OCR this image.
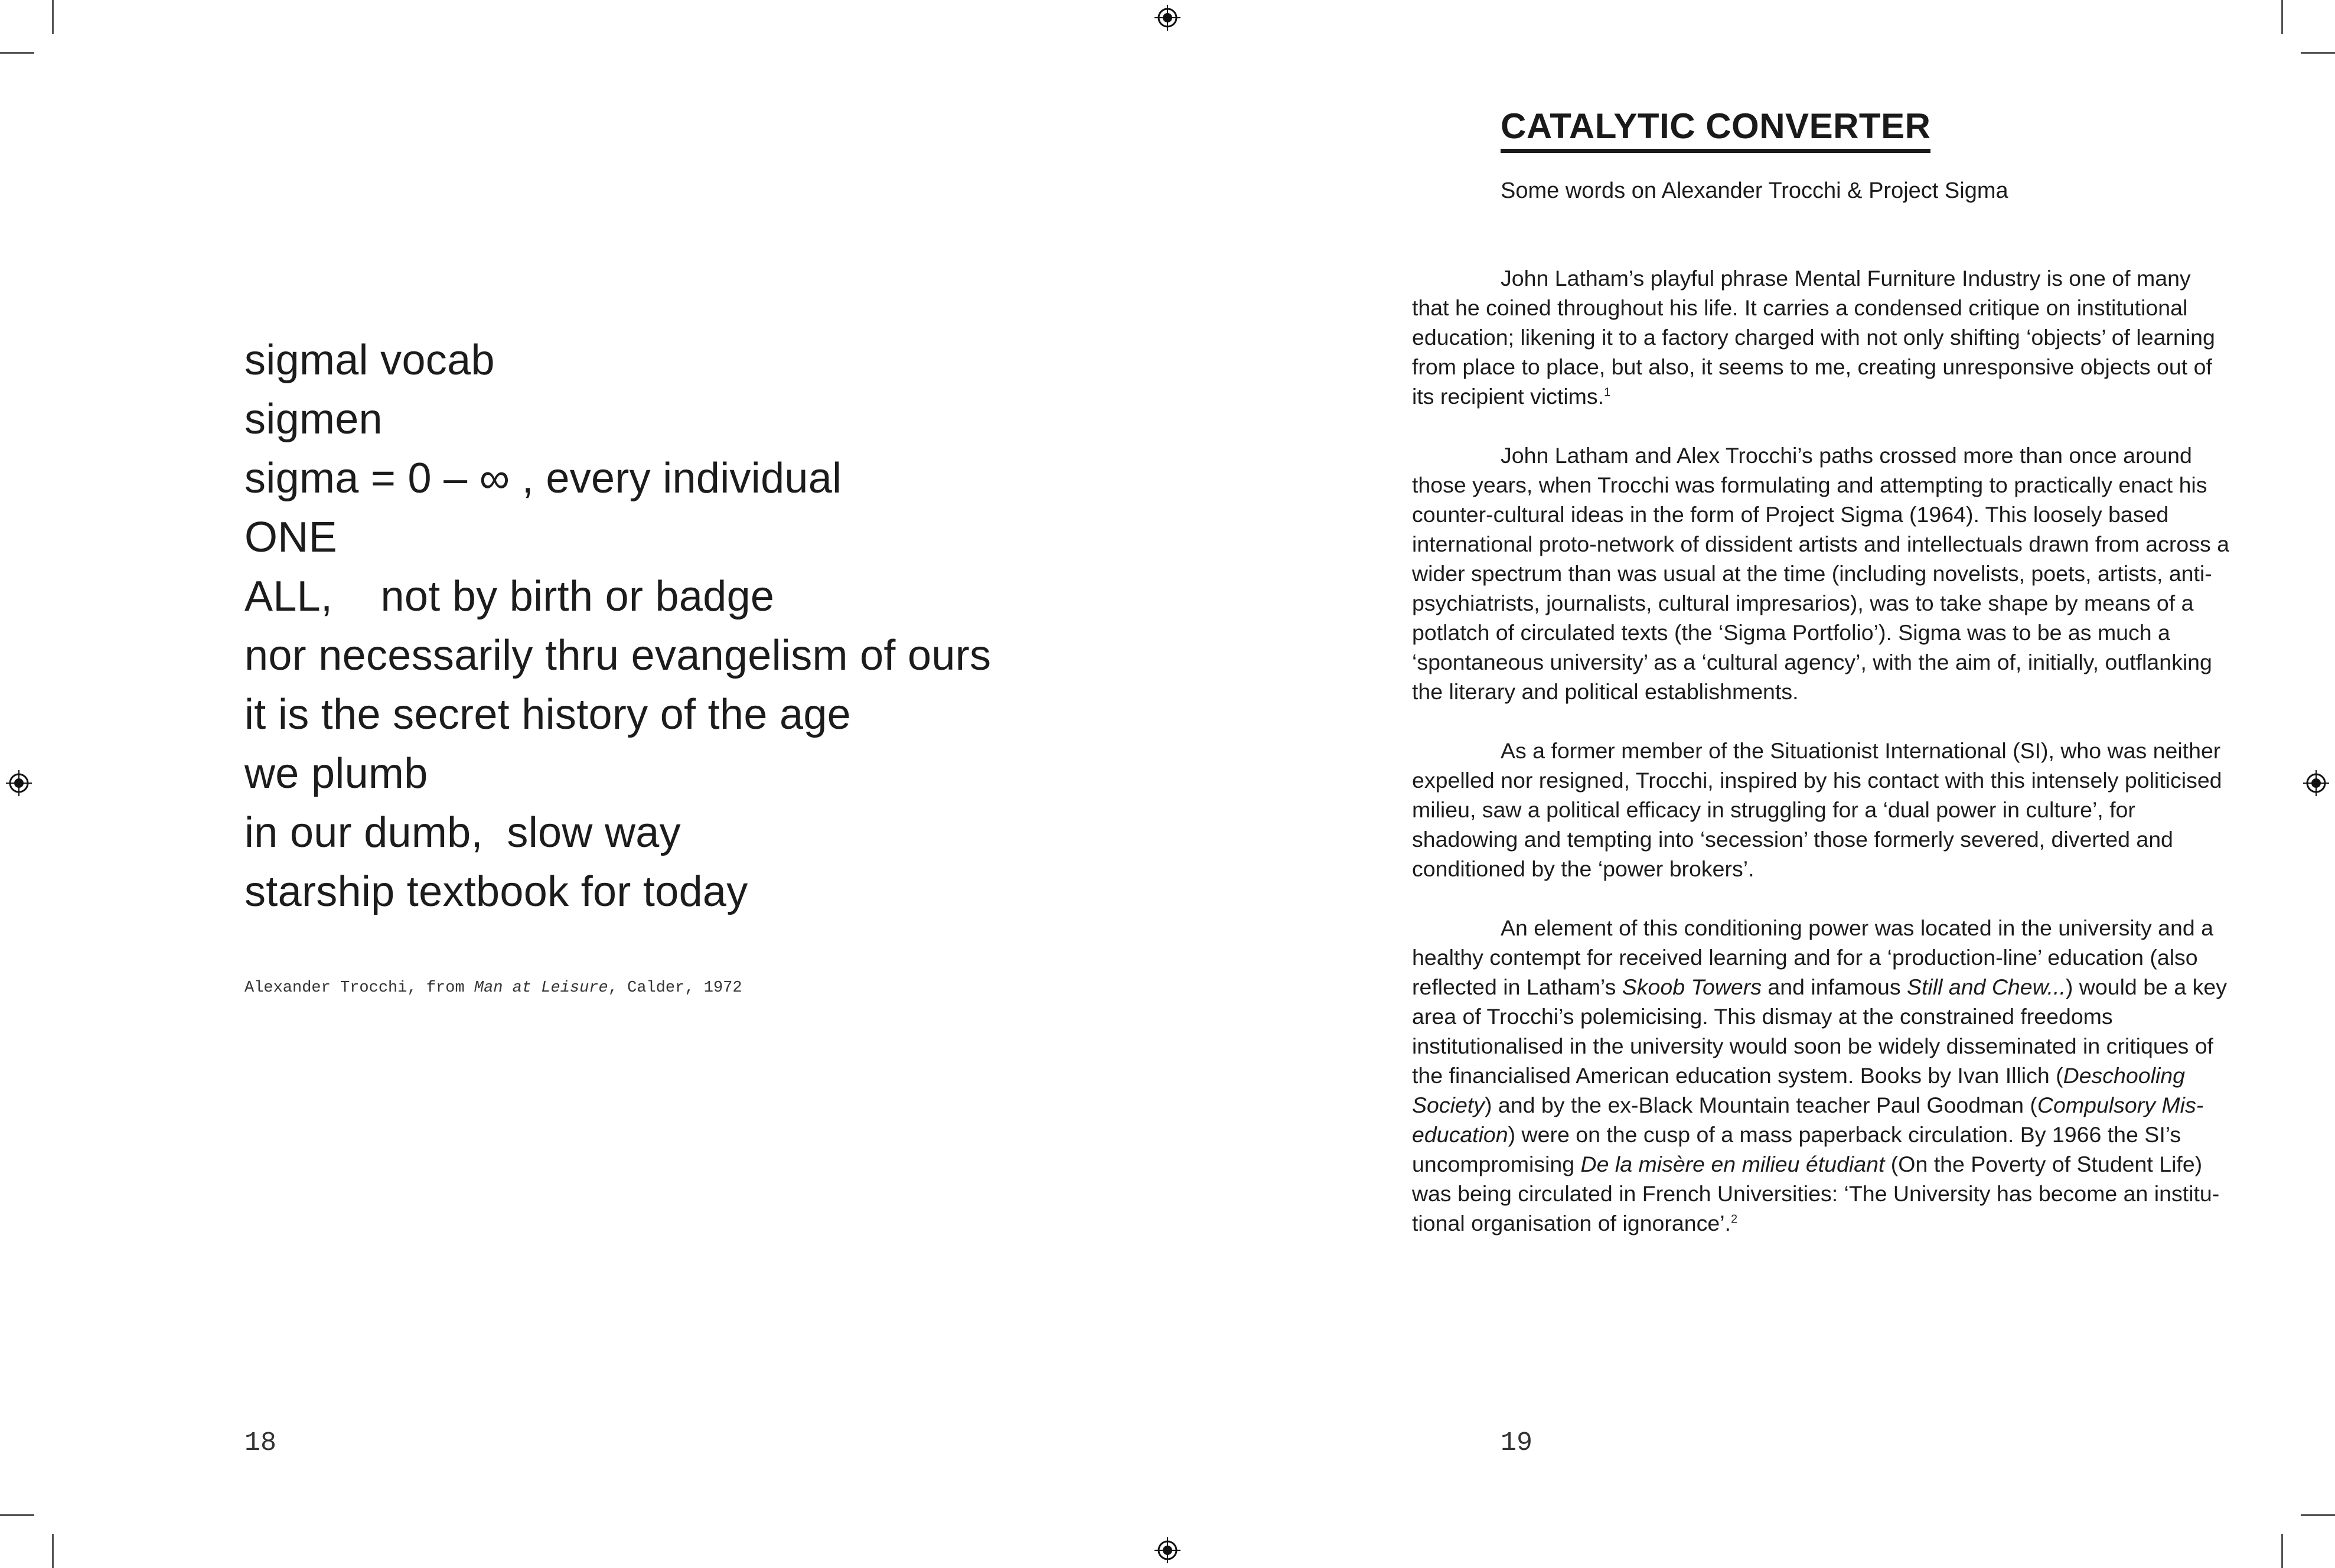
sigmal vocab
sigmen
sigma = 0 – ∞ , every individual
ONE
ALL,    not by birth or badge
nor necessarily thru evangelism of ours
it is the secret history of the age
we plumb
in our dumb,  slow way
starship textbook for today
Alexander Trocchi, from Man at Leisure, Calder, 1972
18
CATALYTIC CONVERTER

Some words on Alexander Trocchi & Project Sigma

John Latham’s playful phrase Mental Furniture Industry is one of many that he coined throughout his life. It carries a condensed critique on institutional education; likening it to a factory charged with not only shifting ‘objects’ of learning from place to place, but also, it seems to me, creating unresponsive objects out of its recipient victims.$^1$

John Latham and Alex Trocchi’s paths crossed more than once around those years, when Trocchi was formulating and attempting to practically enact his counter-cultural ideas in the form of Project Sigma (1964). This loosely based international proto-network of dissident artists and intellectuals drawn from across a wider spectrum than was usual at the time (including novelists, poets, artists, anti-psychiatrists, journalists, cultural impresarios), was to take shape by means of a potlatch of circulated texts (the ‘Sigma Portfolio’). Sigma was to be as much a ‘spontaneous university’ as a ‘cultural agency’, with the aim of, initially, outflanking the literary and political establishments.

As a former member of the Situationist International (SI), who was neither expelled nor resigned, Trocchi, inspired by his contact with this intensely politicised milieu, saw a political efficacy in struggling for a ‘dual power in culture’, for shadowing and tempting into ‘secession’ those formerly severed, diverted and conditioned by the ‘power brokers’.

An element of this conditioning power was located in the university and a healthy contempt for received learning and for a ‘production-line’ education (also reflected in Latham’s Skoob Towers and infamous Still and Chew...) would be a key area of Trocchi’s polemicising. This dismay at the constrained freedoms institutionalised in the university would soon be widely disseminated in critiques of the financialised American education system. Books by Ivan Illich (Deschooling Society) and by the ex-Black Mountain teacher Paul Goodman (Compulsory Mis-education) were on the cusp of a mass paperback circulation. By 1966 the SI’s uncompromising De la misère en milieu étudiant (On the Poverty of Student Life) was being circulated in French Universities: ‘The University has become an institutional organisation of ignorance’.$^2$

19
